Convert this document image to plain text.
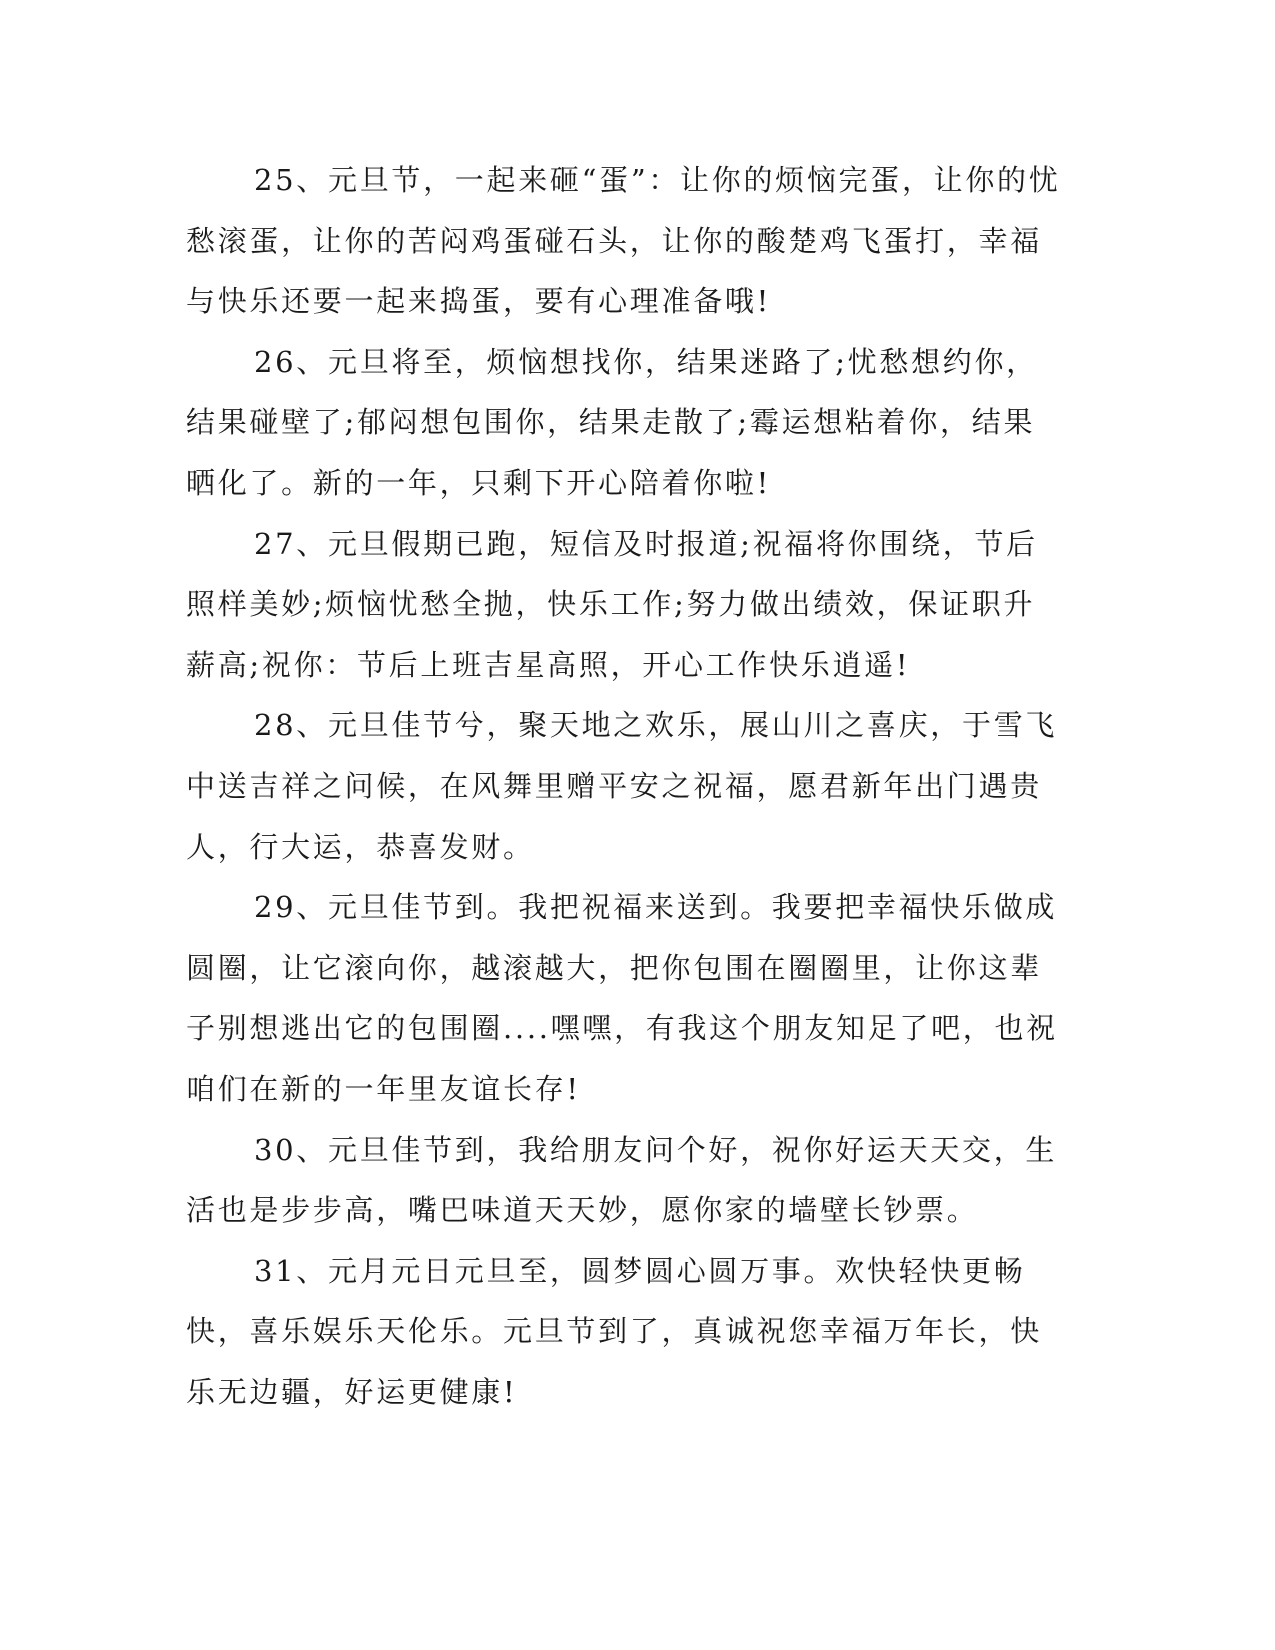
25、元旦节，一起来砸“蛋”：让你的烦恼完蛋，让你的忧愁滚蛋，让你的苦闷鸡蛋碰石头，让你的酸楚鸡飞蛋打，幸福与快乐还要一起来捣蛋，要有心理准备哦!

26、元旦将至，烦恼想找你，结果迷路了;忧愁想约你，结果碰壁了;郁闷想包围你，结果走散了;霉运想粘着你，结果晒化了。新的一年，只剩下开心陪着你啦!

27、元旦假期已跑，短信及时报道;祝福将你围绕，节后照样美妙;烦恼忧愁全抛，快乐工作;努力做出绩效，保证职升薪高;祝你：节后上班吉星高照，开心工作快乐逍遥!

28、元旦佳节兮，聚天地之欢乐，展山川之喜庆，于雪飞中送吉祥之问候，在风舞里赠平安之祝福，愿君新年出门遇贵人，行大运，恭喜发财。

29、元旦佳节到。我把祝福来送到。我要把幸福快乐做成圆圈，让它滚向你，越滚越大，把你包围在圈圈里，让你这辈子别想逃出它的包围圈....嘿嘿，有我这个朋友知足了吧，也祝咱们在新的一年里友谊长存!

30、元旦佳节到，我给朋友问个好，祝你好运天天交，生活也是步步高，嘴巴味道天天妙，愿你家的墙壁长钞票。

31、元月元日元旦至，圆梦圆心圆万事。欢快轻快更畅快，喜乐娱乐天伦乐。元旦节到了，真诚祝您幸福万年长，快乐无边疆，好运更健康!
